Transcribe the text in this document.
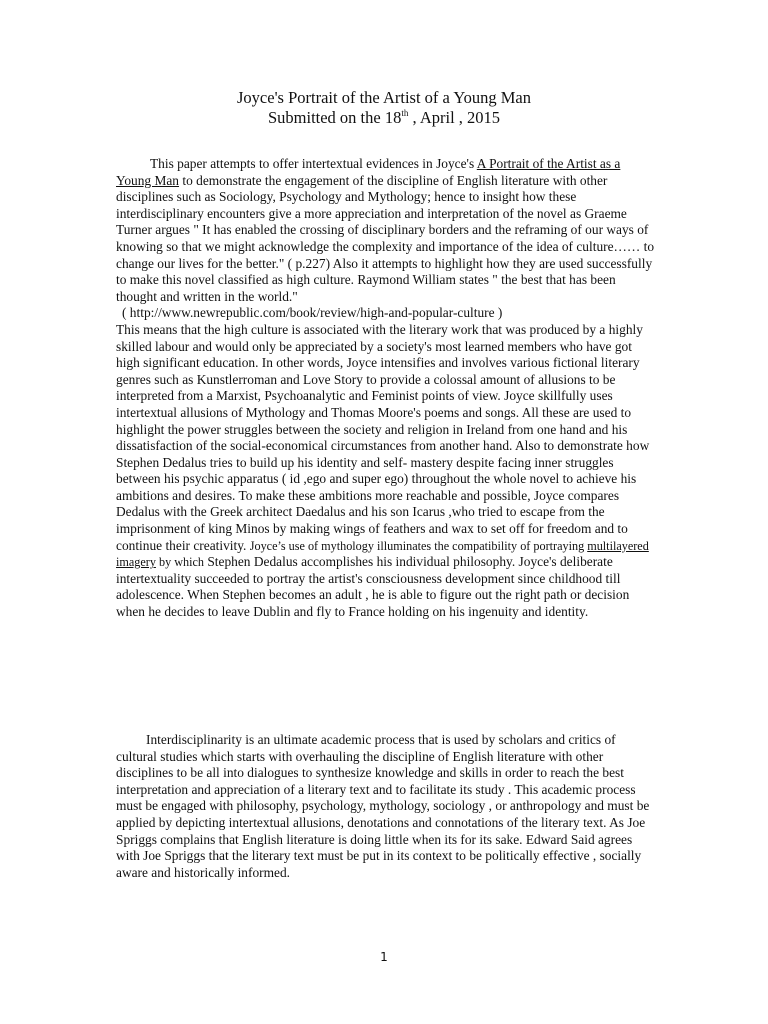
Joyce's Portrait of the Artist of a Young Man
Submitted on the 18th , April , 2015

This paper attempts to offer intertextual evidences in Joyce's A Portrait of the Artist as a Young Man to demonstrate the engagement of the discipline of English literature with other disciplines such as Sociology, Psychology and Mythology; hence to insight how these interdisciplinary encounters give a more appreciation and interpretation of the novel as Graeme Turner argues " It has enabled the crossing of disciplinary borders and the reframing of our ways of knowing so that we might acknowledge the complexity and importance of the idea of culture…… to change our lives for the better." ( p.227) Also it attempts to highlight how they are used successfully to make this novel classified as high culture. Raymond William states " the best that has been thought and written in the world."
( http://www.newrepublic.com/book/review/high-and-popular-culture )
This means that the high culture is associated with the literary work that was produced by a highly skilled labour and would only be appreciated by a society's most learned members who have got high significant education. In other words, Joyce intensifies and involves various fictional literary genres such as Kunstlerroman and Love Story to provide a colossal amount of allusions to be interpreted from a Marxist, Psychoanalytic and Feminist points of view. Joyce skillfully uses intertextual allusions of Mythology and Thomas Moore's poems and songs. All these are used to highlight the power struggles between the society and religion in Ireland from one hand and his dissatisfaction of the social-economical circumstances from another hand. Also to demonstrate how Stephen Dedalus tries to build up his identity and self- mastery despite facing inner struggles between his psychic apparatus ( id ,ego and super ego) throughout the whole novel to achieve his ambitions and desires. To make these ambitions more reachable and possible, Joyce compares Dedalus with the Greek architect Daedalus and his son Icarus ,who tried to escape from the imprisonment of king Minos by making wings of feathers and wax to set off for freedom and to continue their creativity. Joyce’s use of mythology illuminates the compatibility of portraying multilayered imagery by which Stephen Dedalus accomplishes his individual philosophy. Joyce's deliberate intertextuality succeeded to portray the artist's consciousness development since childhood till adolescence. When Stephen becomes an adult , he is able to figure out the right path or decision when he decides to leave Dublin and fly to France holding on his ingenuity and identity.

Interdisciplinarity is an ultimate academic process that is used by scholars and critics of cultural studies which starts with overhauling the discipline of English literature with other disciplines to be all into dialogues to synthesize knowledge and skills in order to reach the best interpretation and appreciation of a literary text and to facilitate its study . This academic process must be engaged with philosophy, psychology, mythology, sociology , or anthropology and must be applied by depicting intertextual allusions, denotations and connotations of the literary text. As Joe Spriggs complains that English literature is doing little when its for its sake. Edward Said agrees with Joe Spriggs that the literary text must be put in its context to be politically effective , socially aware and historically informed.

1
